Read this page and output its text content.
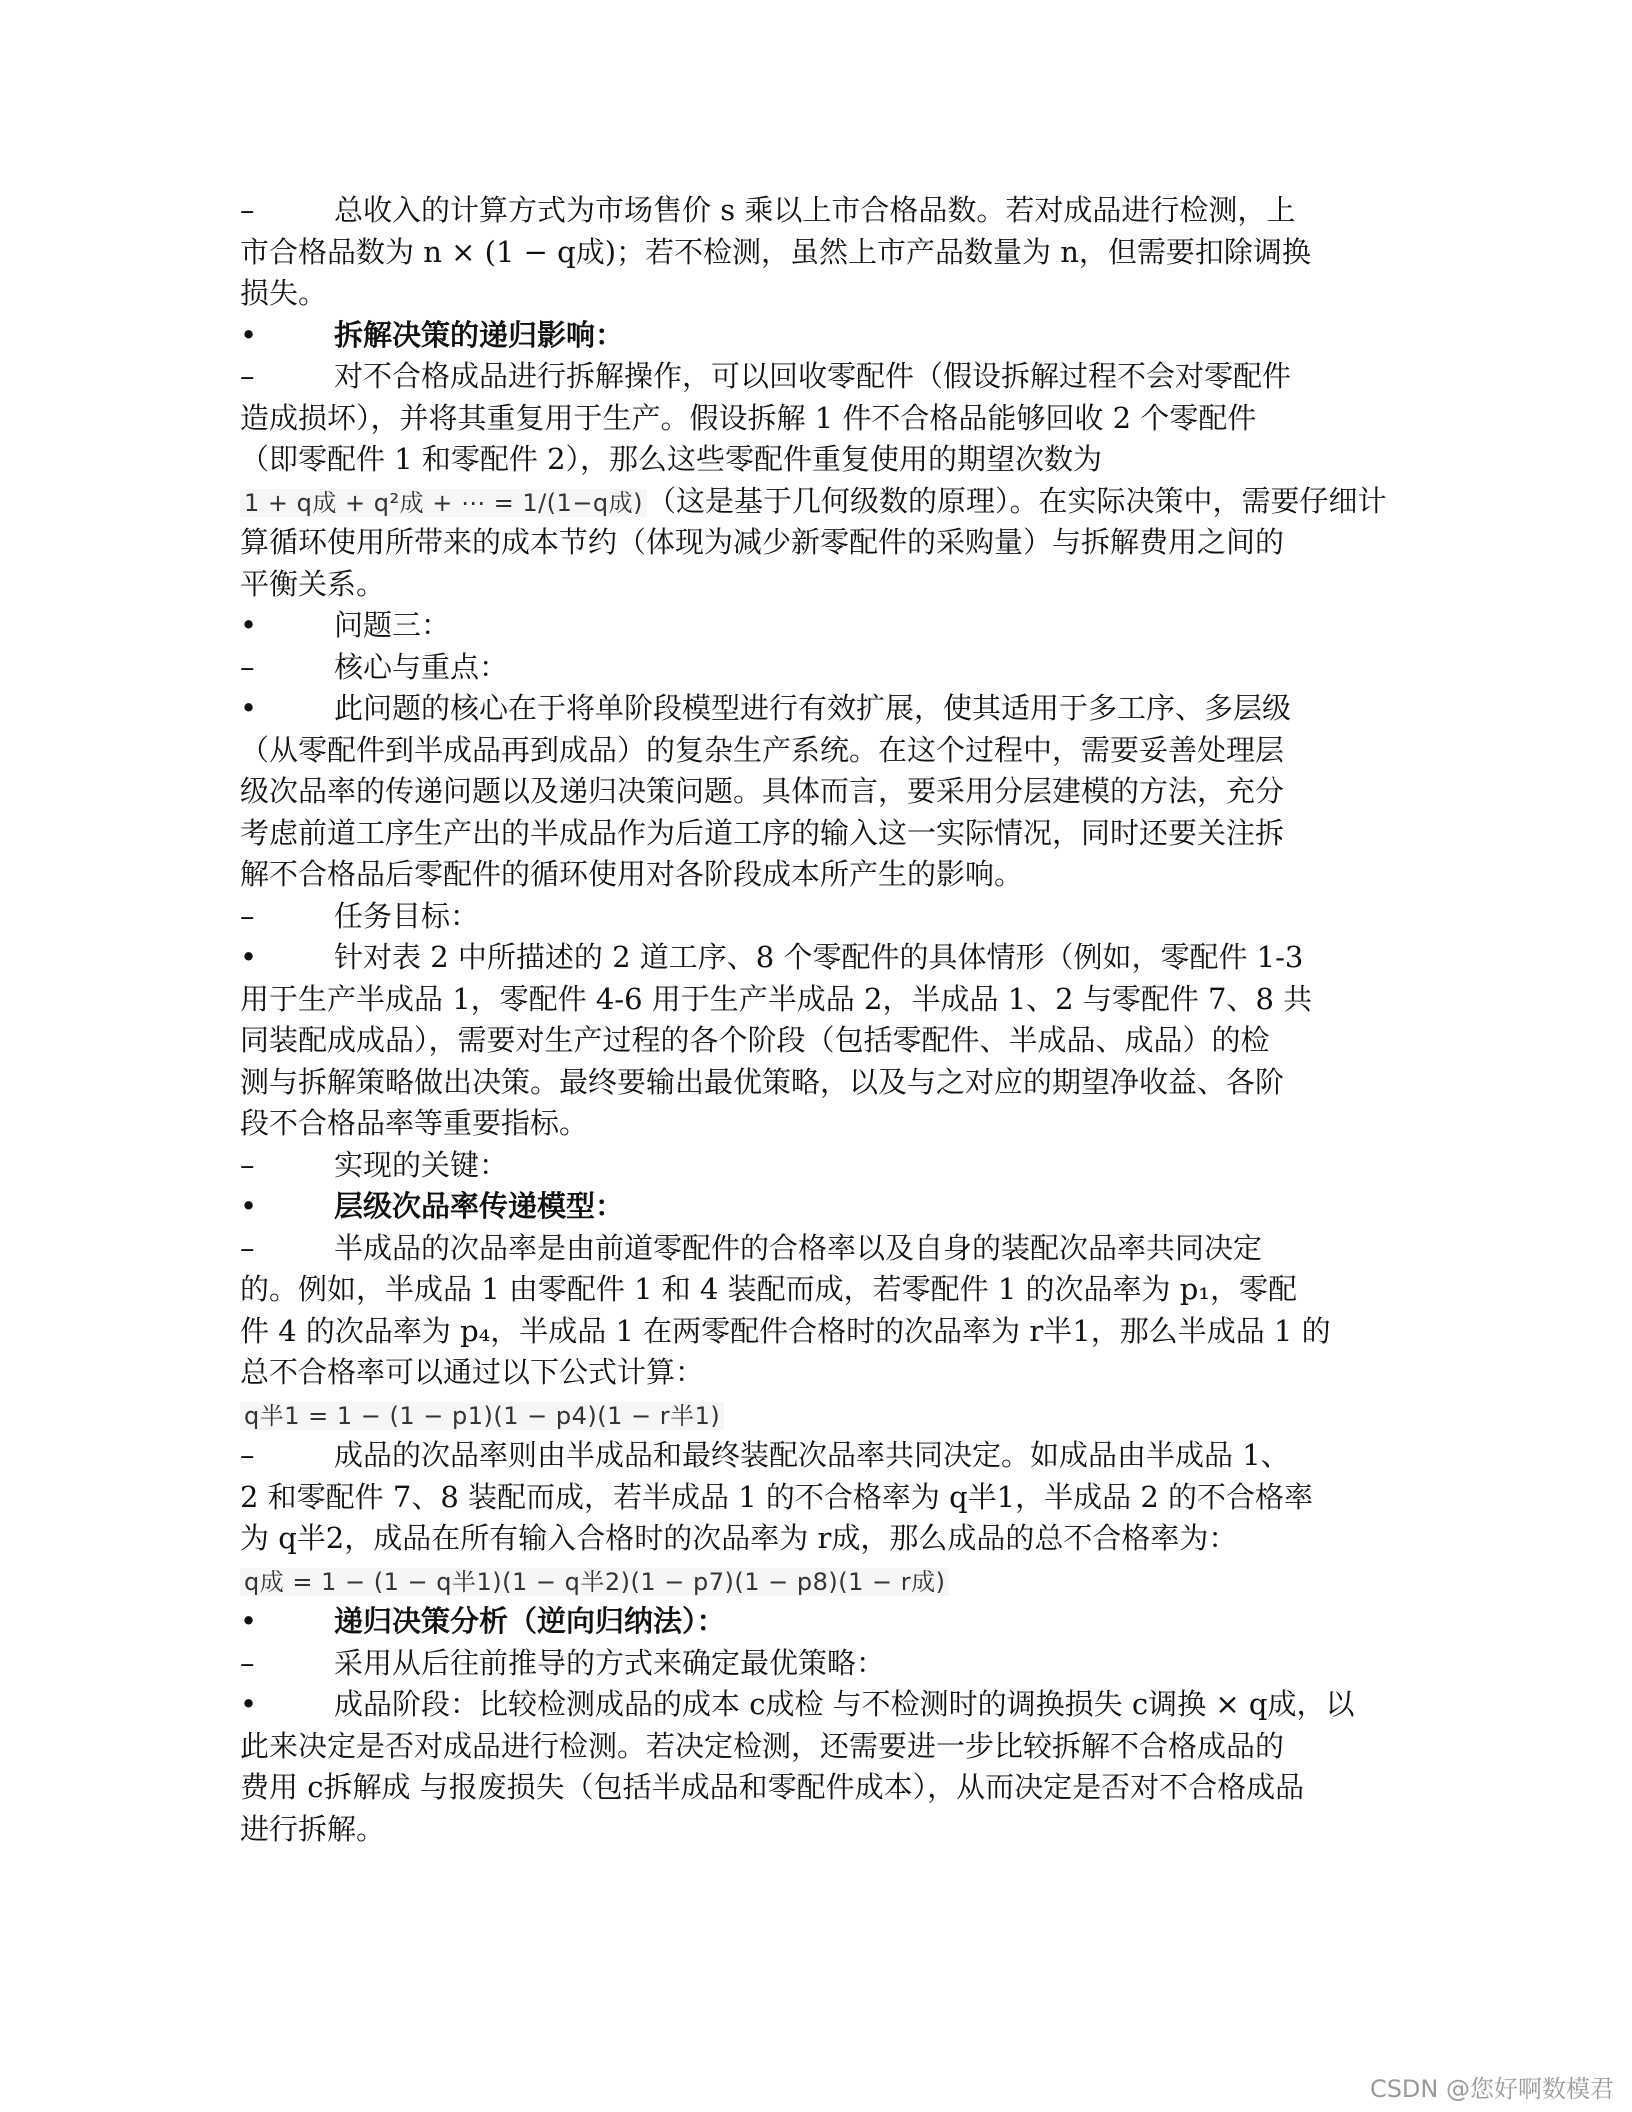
–	总收入的计算方式为市场售价 s 乘以上市合格品数。若对成品进行检测，上
市合格品数为 n × (1 − q成)；若不检测，虽然上市产品数量为 n，但需要扣除调换
损失。
•	拆解决策的递归影响：
–	对不合格成品进行拆解操作，可以回收零配件（假设拆解过程不会对零配件
造成损坏），并将其重复用于生产。假设拆解 1 件不合格品能够回收 2 个零配件
（即零配件 1 和零配件 2），那么这些零配件重复使用的期望次数为
1 + q成 + q²成 + ⋯ = 1/(1−q成) （这是基于几何级数的原理）。在实际决策中，需要仔细计
算循环使用所带来的成本节约（体现为减少新零配件的采购量）与拆解费用之间的
平衡关系。
•	问题三：
–	核心与重点：
•	此问题的核心在于将单阶段模型进行有效扩展，使其适用于多工序、多层级
（从零配件到半成品再到成品）的复杂生产系统。在这个过程中，需要妥善处理层
级次品率的传递问题以及递归决策问题。具体而言，要采用分层建模的方法，充分
考虑前道工序生产出的半成品作为后道工序的输入这一实际情况，同时还要关注拆
解不合格品后零配件的循环使用对各阶段成本所产生的影响。
–	任务目标：
•	针对表 2 中所描述的 2 道工序、8 个零配件的具体情形（例如，零配件 1-3
用于生产半成品 1，零配件 4-6 用于生产半成品 2，半成品 1、2 与零配件 7、8 共
同装配成成品），需要对生产过程的各个阶段（包括零配件、半成品、成品）的检
测与拆解策略做出决策。最终要输出最优策略，以及与之对应的期望净收益、各阶
段不合格品率等重要指标。
–	实现的关键：
•	层级次品率传递模型：
–	半成品的次品率是由前道零配件的合格率以及自身的装配次品率共同决定
的。例如，半成品 1 由零配件 1 和 4 装配而成，若零配件 1 的次品率为 p₁，零配
件 4 的次品率为 p₄，半成品 1 在两零配件合格时的次品率为 r半1，那么半成品 1 的
总不合格率可以通过以下公式计算：
q半1 = 1 − (1 − p1)(1 − p4)(1 − r半1)
–	成品的次品率则由半成品和最终装配次品率共同决定。如成品由半成品 1、
2 和零配件 7、8 装配而成，若半成品 1 的不合格率为 q半1，半成品 2 的不合格率
为 q半2，成品在所有输入合格时的次品率为 r成，那么成品的总不合格率为：
q成 = 1 − (1 − q半1)(1 − q半2)(1 − p7)(1 − p8)(1 − r成)
•	递归决策分析（逆向归纳法）：
–	采用从后往前推导的方式来确定最优策略：
•	成品阶段：比较检测成品的成本 c成检 与不检测时的调换损失 c调换 × q成，以
此来决定是否对成品进行检测。若决定检测，还需要进一步比较拆解不合格成品的
费用 c拆解成 与报废损失（包括半成品和零配件成本），从而决定是否对不合格成品
进行拆解。
CSDN @您好啊数模君
